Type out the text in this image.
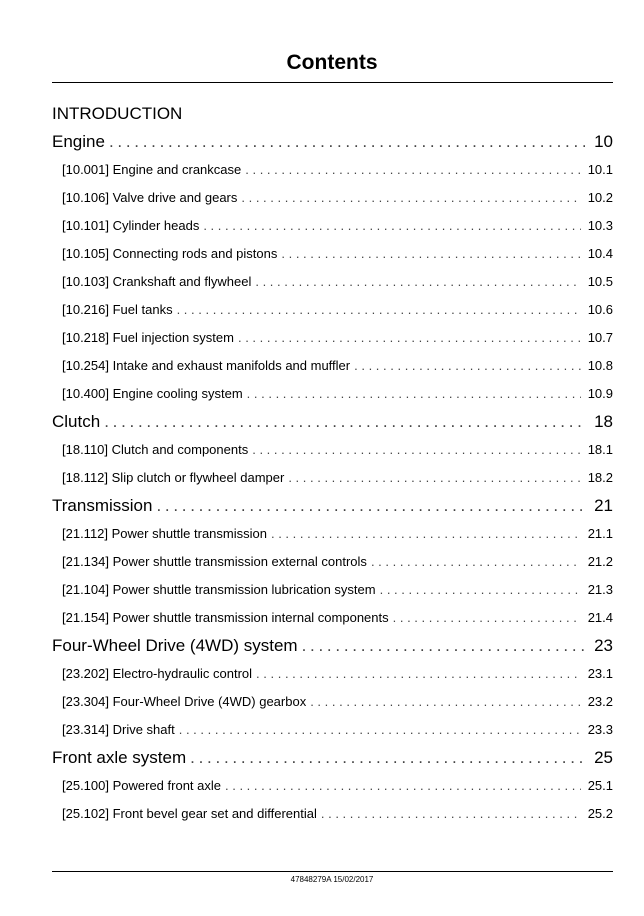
Contents
INTRODUCTION
Engine . . .	10
[10.001] Engine and crankcase . . .	10.1
[10.106] Valve drive and gears . . .	10.2
[10.101] Cylinder heads . . .	10.3
[10.105] Connecting rods and pistons . . .	10.4
[10.103] Crankshaft and flywheel . . .	10.5
[10.216] Fuel tanks . . .	10.6
[10.218] Fuel injection system . . .	10.7
[10.254] Intake and exhaust manifolds and muffler . . .	10.8
[10.400] Engine cooling system . . .	10.9
Clutch . . .	18
[18.110] Clutch and components . . .	18.1
[18.112] Slip clutch or flywheel damper . . .	18.2
Transmission . . .	21
[21.112] Power shuttle transmission . . .	21.1
[21.134] Power shuttle transmission external controls . . .	21.2
[21.104] Power shuttle transmission lubrication system . . .	21.3
[21.154] Power shuttle transmission internal components . . .	21.4
Four-Wheel Drive (4WD) system . . .	23
[23.202] Electro-hydraulic control . . .	23.1
[23.304] Four-Wheel Drive (4WD) gearbox . . .	23.2
[23.314] Drive shaft . . .	23.3
Front axle system . . .	25
[25.100] Powered front axle . . .	25.1
[25.102] Front bevel gear set and differential . . .	25.2
47848279A 15/02/2017
